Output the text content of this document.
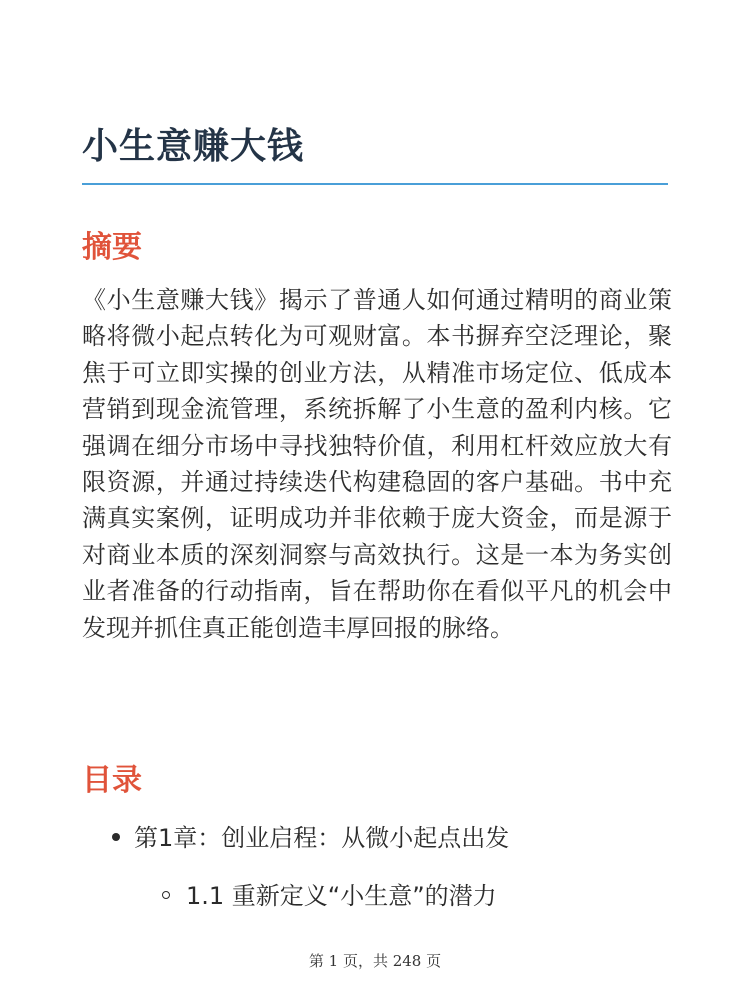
小生意赚大钱
摘要

《小生意赚大钱》揭示了普通人如何通过精明的商业策略将微小起点转化为可观财富。本书摒弃空泛理论，聚焦于可立即实操的创业方法，从精准市场定位、低成本营销到现金流管理，系统拆解了小生意的盈利内核。它强调在细分市场中寻找独特价值，利用杠杆效应放大有限资源，并通过持续迭代构建稳固的客户基础。书中充满真实案例，证明成功并非依赖于庞大资金，而是源于对商业本质的深刻洞察与高效执行。这是一本为务实创业者准备的行动指南，旨在帮助你在看似平凡的机会中发现并抓住真正能创造丰厚回报的脉络。

目录
第1章：创业启程：从微小起点出发
1.1 重新定义“小生意”的潜力
第 1 页，共 248 页
